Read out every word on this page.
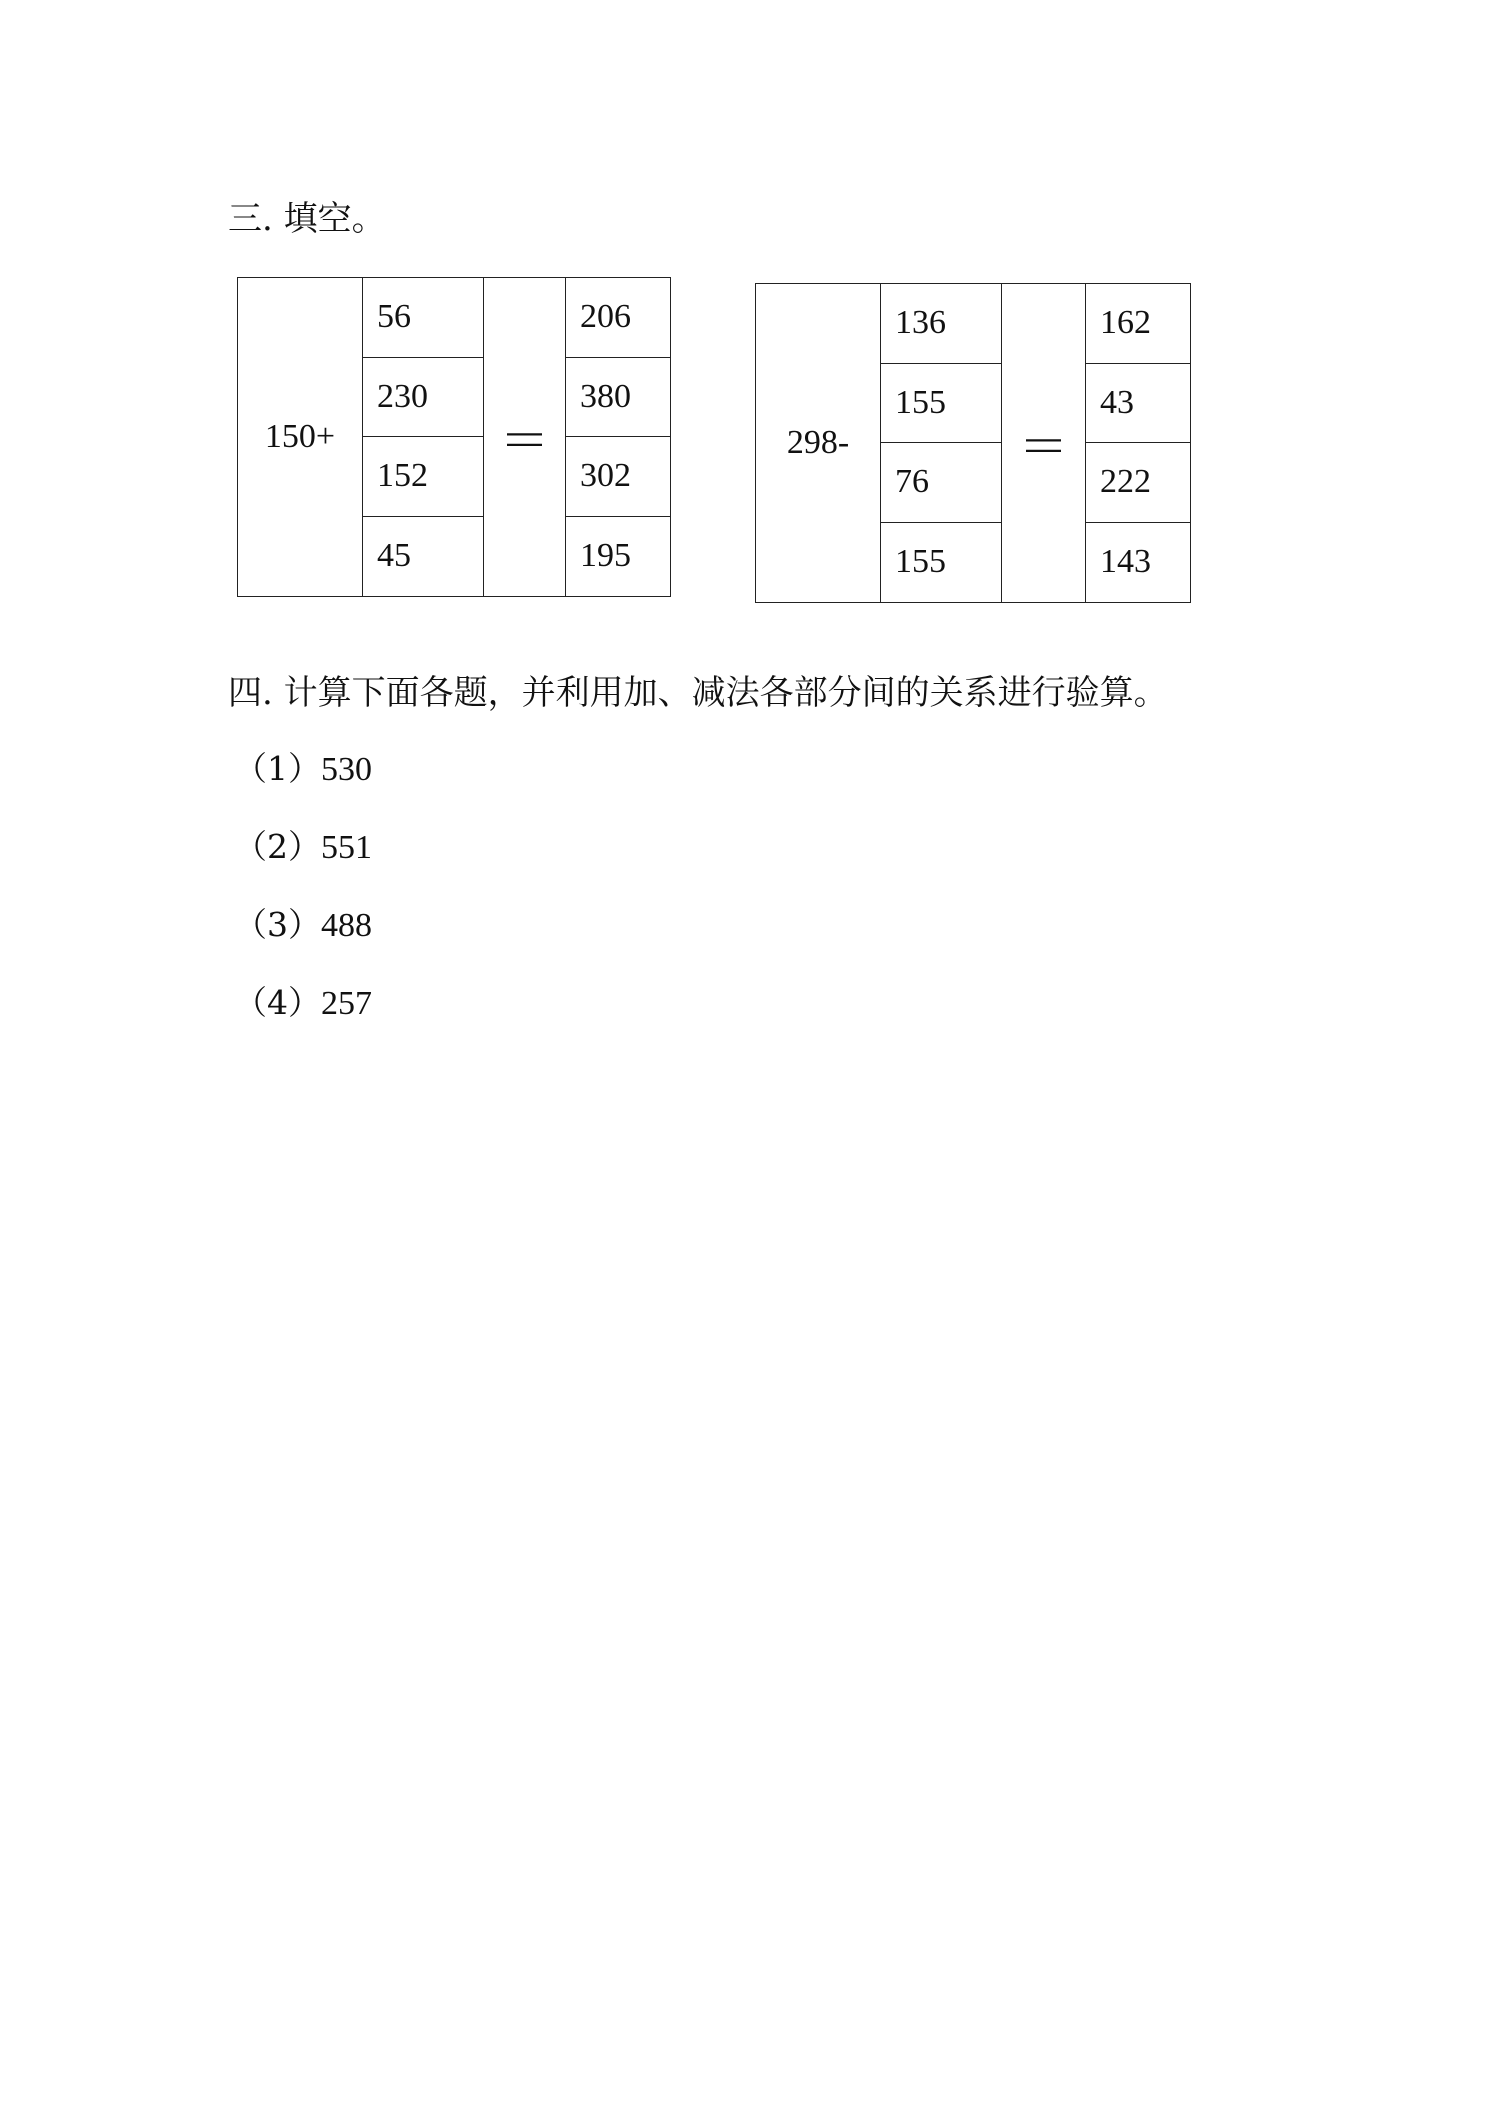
三. 填空。
150+	＝
56	206
230	380
152	302
45	195
298-	＝
136	162
155	43
76	222
155	143
四. 计算下面各题，并利用加、减法各部分间的关系进行验算。
（1）530
（2）551
（3）488
（4）257
